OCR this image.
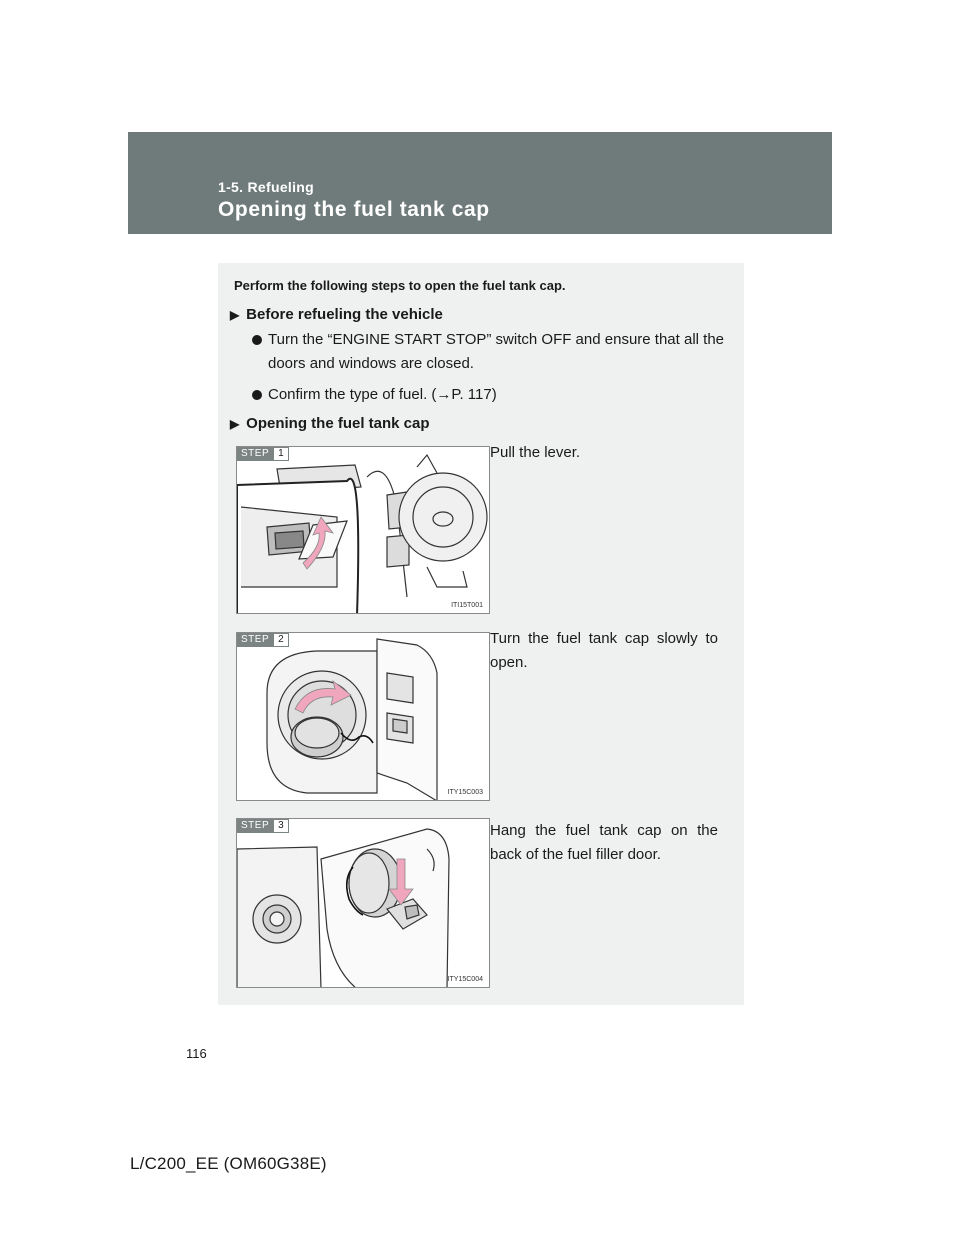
1-5. Refueling
Opening the fuel tank cap
Perform the following steps to open the fuel tank cap.
▶ Before refueling the vehicle
Turn the “ENGINE START STOP” switch OFF and ensure that all the doors and windows are closed.
Confirm the type of fuel. (→P. 117)
▶ Opening the fuel tank cap
STEP 1
ITI15T001
Pull the lever.
STEP 2
ITY15C003
Turn the fuel tank cap slowly to open.
STEP 3
ITY15C004
Hang the fuel tank cap on the back of the fuel filler door.
116
L/C200_EE (OM60G38E)
